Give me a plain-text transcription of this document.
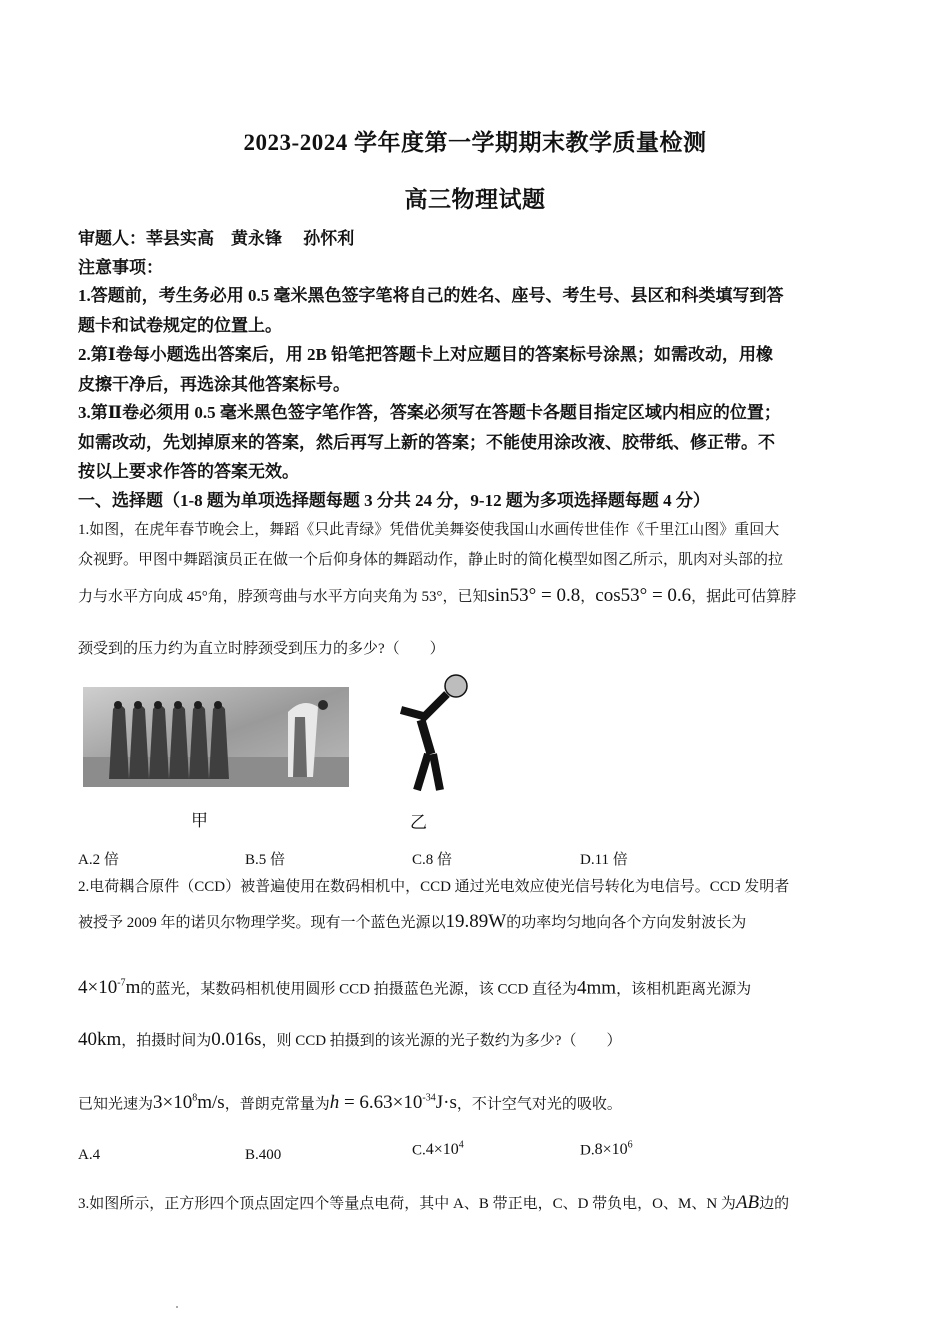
2023-2024 学年度第一学期期末教学质量检测
高三物理试题
审题人：莘县实高　黄永锋　 孙怀利
注意事项：
1.答题前，考生务必用 0.5 毫米黑色签字笔将自己的姓名、座号、考生号、县区和科类填写到答
题卡和试卷规定的位置上。
2.第Ⅰ卷每小题选出答案后，用 2B 铅笔把答题卡上对应题目的答案标号涂黑；如需改动，用橡
皮擦干净后，再选涂其他答案标号。
3.第Ⅱ卷必须用 0.5 毫米黑色签字笔作答，答案必须写在答题卡各题目指定区域内相应的位置；
如需改动，先划掉原来的答案，然后再写上新的答案；不能使用涂改液、胶带纸、修正带。不
按以上要求作答的答案无效。
一、选择题（1-8 题为单项选择题每题 3 分共 24 分，9-12 题为多项选择题每题 4 分）
1.如图，在虎年春节晚会上，舞蹈《只此青绿》凭借优美舞姿使我国山水画传世佳作《千里江山图》重回大
众视野。甲图中舞蹈演员正在做一个后仰身体的舞蹈动作，静止时的简化模型如图乙所示，肌肉对头部的拉
力与水平方向成 45°角，脖颈弯曲与水平方向夹角为 53°，已知sin53° = 0.8，cos53° = 0.6，据此可估算脖
颈受到的压力约为直立时脖颈受到压力的多少?（　　）
甲	乙
A.2 倍	B.5 倍	C.8 倍	D.11 倍
2.电荷耦合原件（CCD）被普遍使用在数码相机中，CCD 通过光电效应使光信号转化为电信号。CCD 发明者
被授予 2009 年的诺贝尔物理学奖。现有一个蓝色光源以19.89W的功率均匀地向各个方向发射波长为
$4\times 10^{-7}m$的蓝光，某数码相机使用圆形 CCD 拍摄蓝色光源，该 CCD 直径为4mm，该相机距离光源为
40km，拍摄时间为0.016s，则 CCD 拍摄到的该光源的光子数约为多少?（　　）
已知光速为$3\times 10^8m/s$，普朗克常量为$h = 6.63\times 10^{-34}J\cdot s$，不计空气对光的吸收。
A.4	B.400	$C.4\times 10^4$	$D.8\times 10^6$
3.如图所示，正方形四个顶点固定四个等量点电荷，其中 A、B 带正电，C、D 带负电，O、M、N 为AB边的
